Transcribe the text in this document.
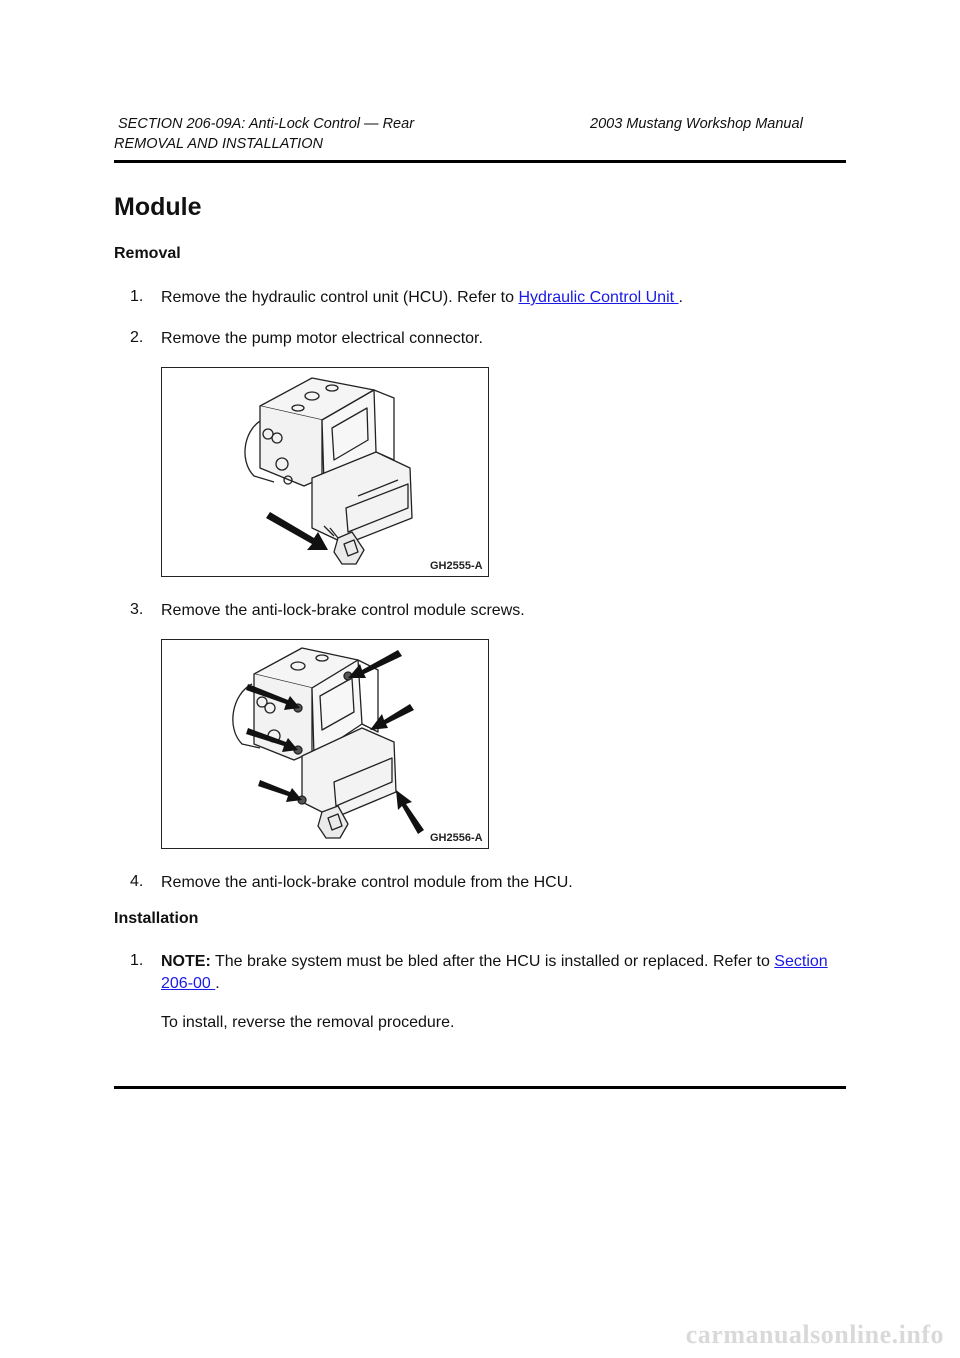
SECTION 206-09A: Anti-Lock Control — Rear	2003 Mustang Workshop Manual
REMOVAL AND INSTALLATION
Module
Removal
1. Remove the hydraulic control unit (HCU). Refer to Hydraulic Control Unit .
2. Remove the pump motor electrical connector.
GH2555-A
3. Remove the anti-lock-brake control module screws.
GH2556-A
4. Remove the anti-lock-brake control module from the HCU.
Installation
1. NOTE: The brake system must be bled after the HCU is installed or replaced. Refer to Section
206-00 .
To install, reverse the removal procedure.
carmanualsonline.info
